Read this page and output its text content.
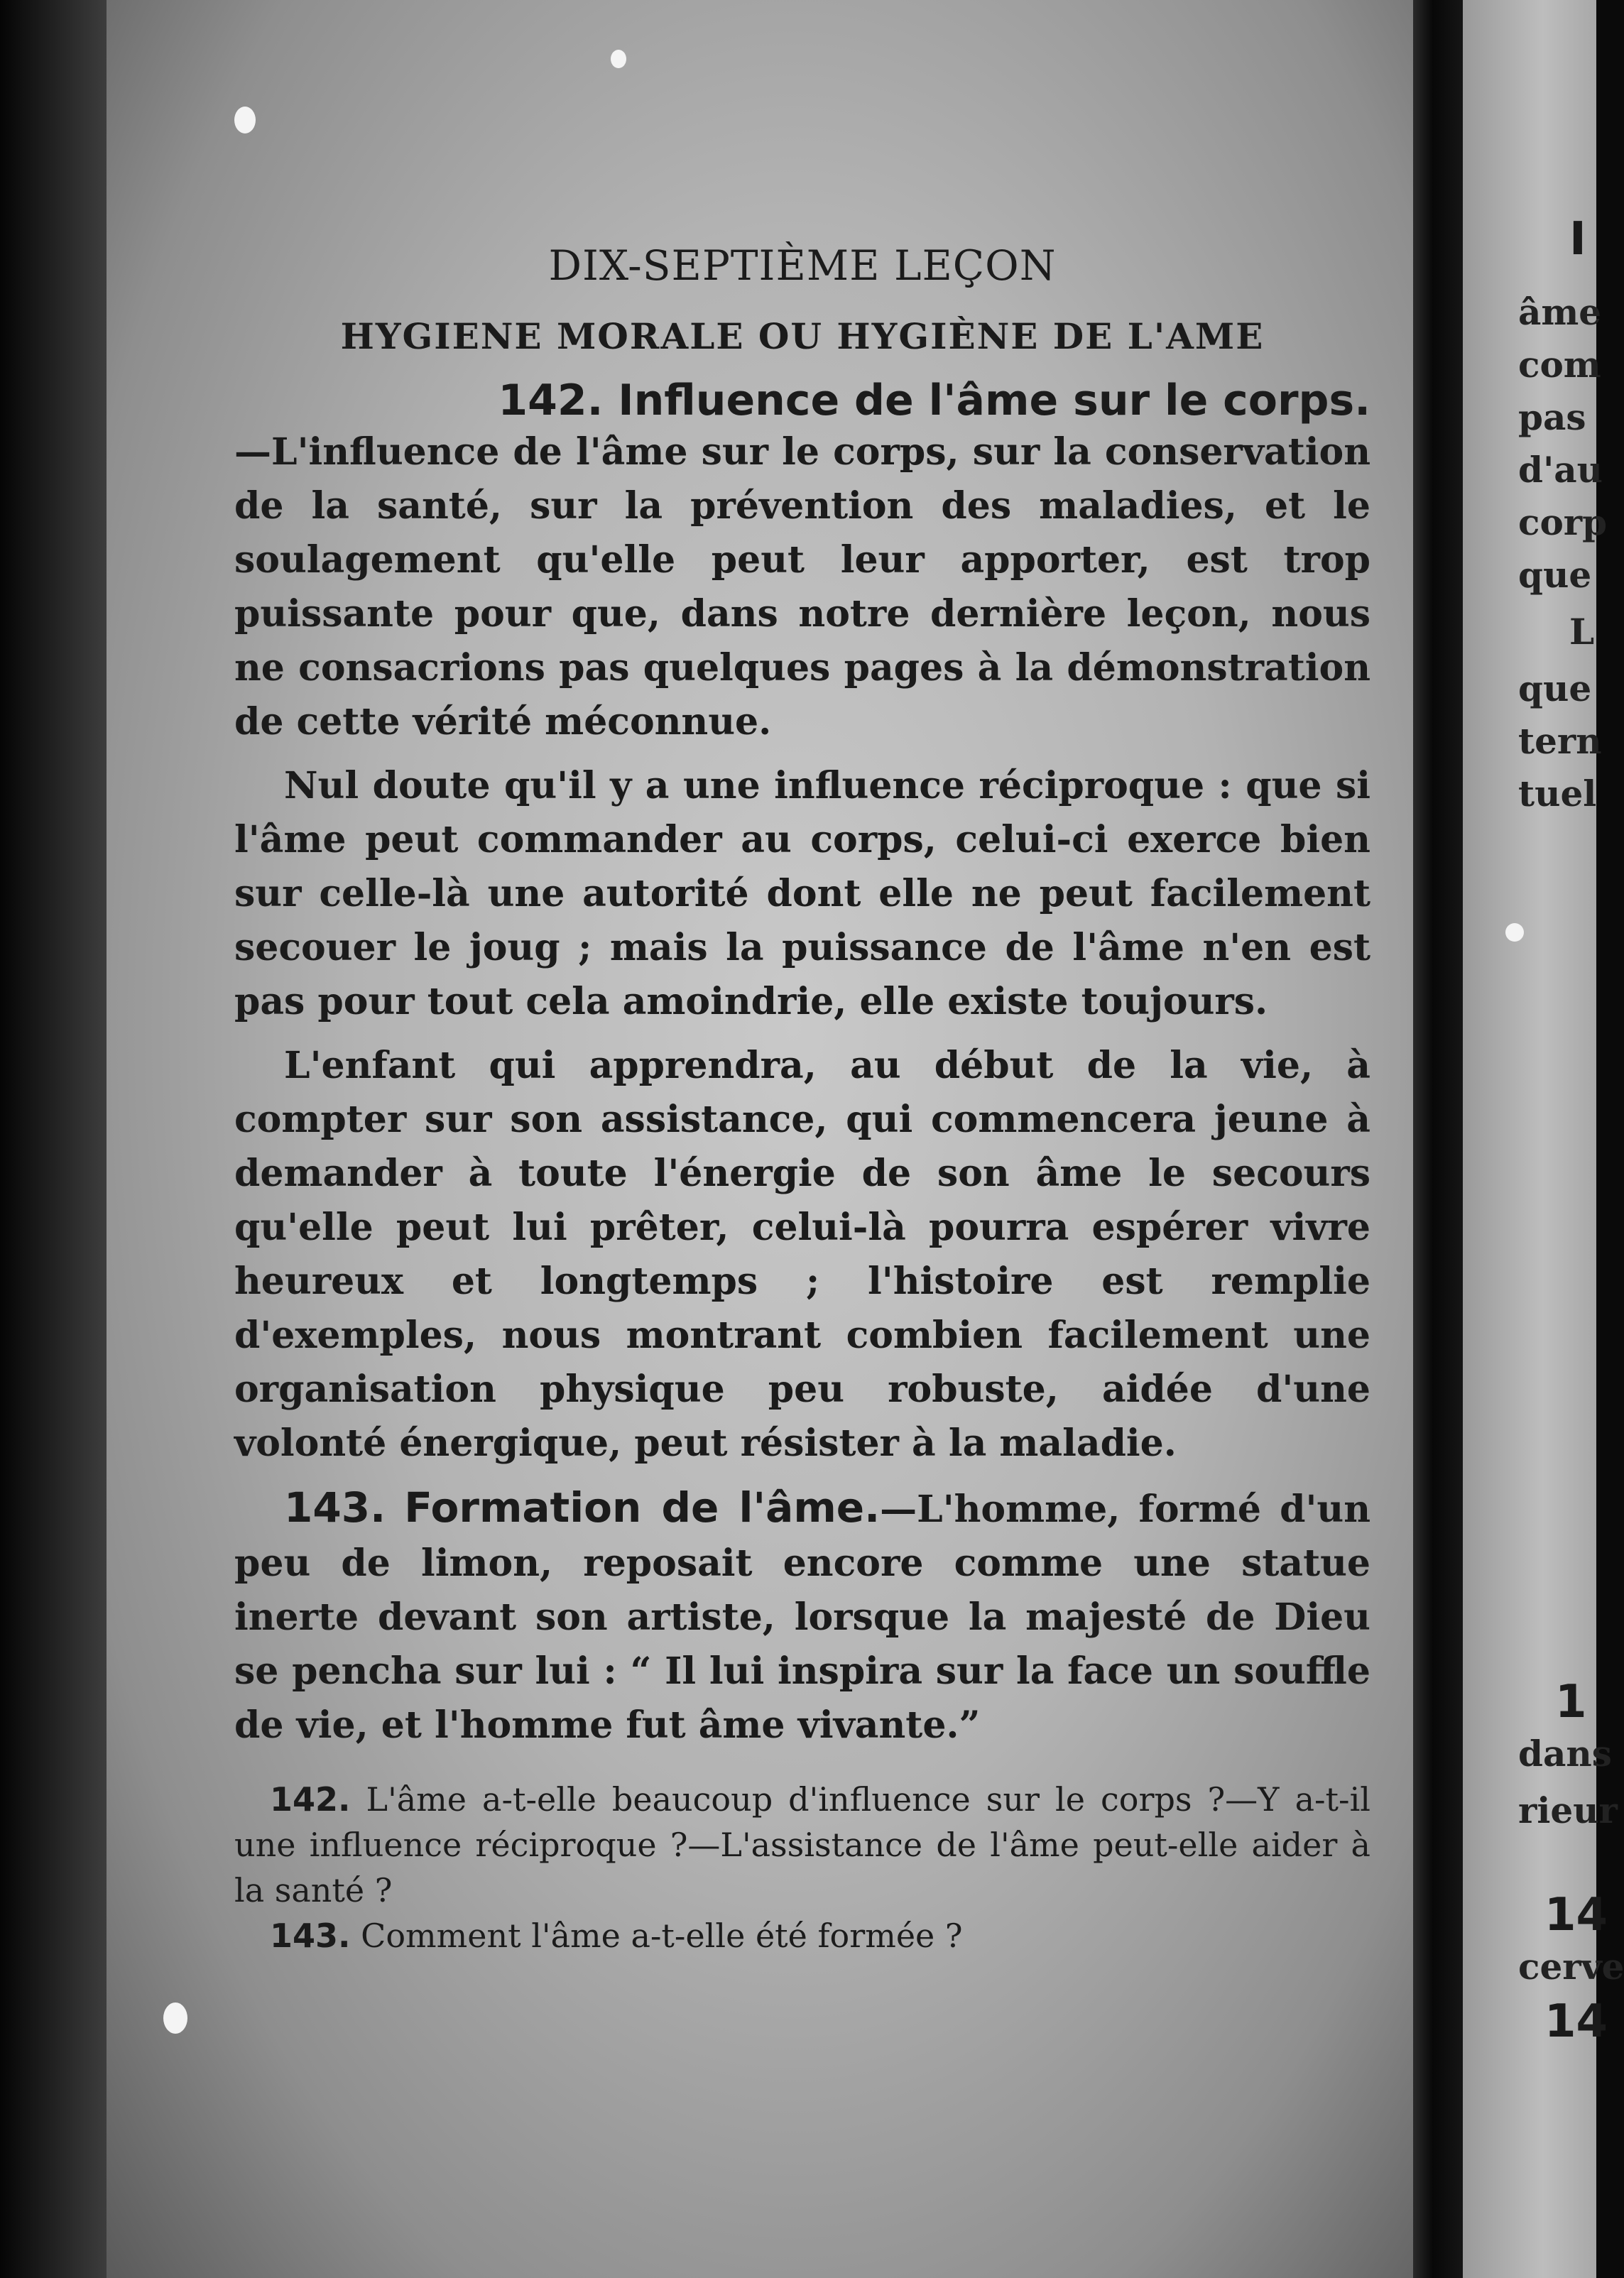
I
âme
com
pas
d'au
corp
que
L
que
tern
tuel
1
dans
rieur
14
cerve
14
DIX-SEPTIÈME LEÇON
HYGIENE MORALE OU HYGIÈNE DE L'AME
142. Influence de l'âme sur le corps.

—L'influence de l'âme sur le corps, sur la conservation de la santé, sur la prévention des maladies, et le soulagement qu'elle peut leur apporter, est trop puissante pour que, dans notre dernière leçon, nous ne consacrions pas quelques pages à la démonstration de cette vérité méconnue.

Nul doute qu'il y a une influence réciproque : que si l'âme peut commander au corps, celui-ci exerce bien sur celle-là une autorité dont elle ne peut facilement secouer le joug ; mais la puissance de l'âme n'en est pas pour tout cela amoindrie, elle existe toujours.

L'enfant qui apprendra, au début de la vie, à compter sur son assistance, qui commencera jeune à demander à toute l'énergie de son âme le secours qu'elle peut lui prêter, celui-là pourra espérer vivre heureux et longtemps ; l'histoire est remplie d'exemples, nous montrant combien facilement une organisation physique peu robuste, aidée d'une volonté énergique, peut résister à la maladie.

143. Formation de l'âme.—L'homme, formé d'un peu de limon, reposait encore comme une statue inerte devant son artiste, lorsque la majesté de Dieu se pencha sur lui : “ Il lui inspira sur la face un souffle de vie, et l'homme fut âme vivante.”

142. L'âme a-t-elle beaucoup d'influence sur le corps ?—Y a-t-il une influence réciproque ?—L'assistance de l'âme peut-elle aider à la santé ?

143. Comment l'âme a-t-elle été formée ?
